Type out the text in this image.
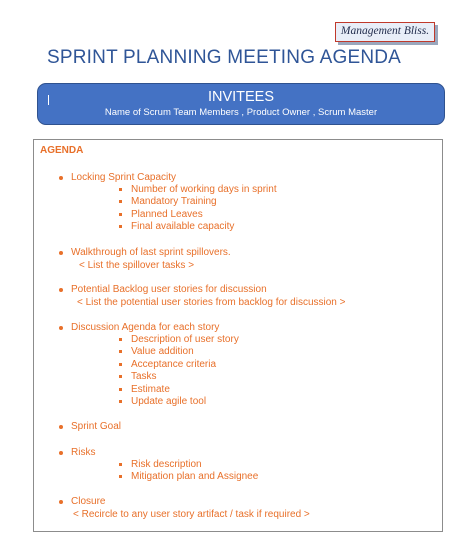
Management Bliss.
SPRINT PLANNING MEETING AGENDA
INVITEES
Name of Scrum Team Members , Product Owner , Scrum Master
AGENDA
Locking Sprint Capacity
Number of working days in sprint
Mandatory Training
Planned Leaves
Final available capacity
Walkthrough of last sprint spillovers.
< List the spillover tasks >
Potential Backlog user stories for discussion
< List the potential user stories from backlog for discussion >
Discussion Agenda for each story
Description of user story
Value addition
Acceptance criteria
Tasks
Estimate
Update agile tool
Sprint Goal
Risks
Risk description
Mitigation plan and Assignee
Closure
< Recircle to any user story artifact / task if required >
